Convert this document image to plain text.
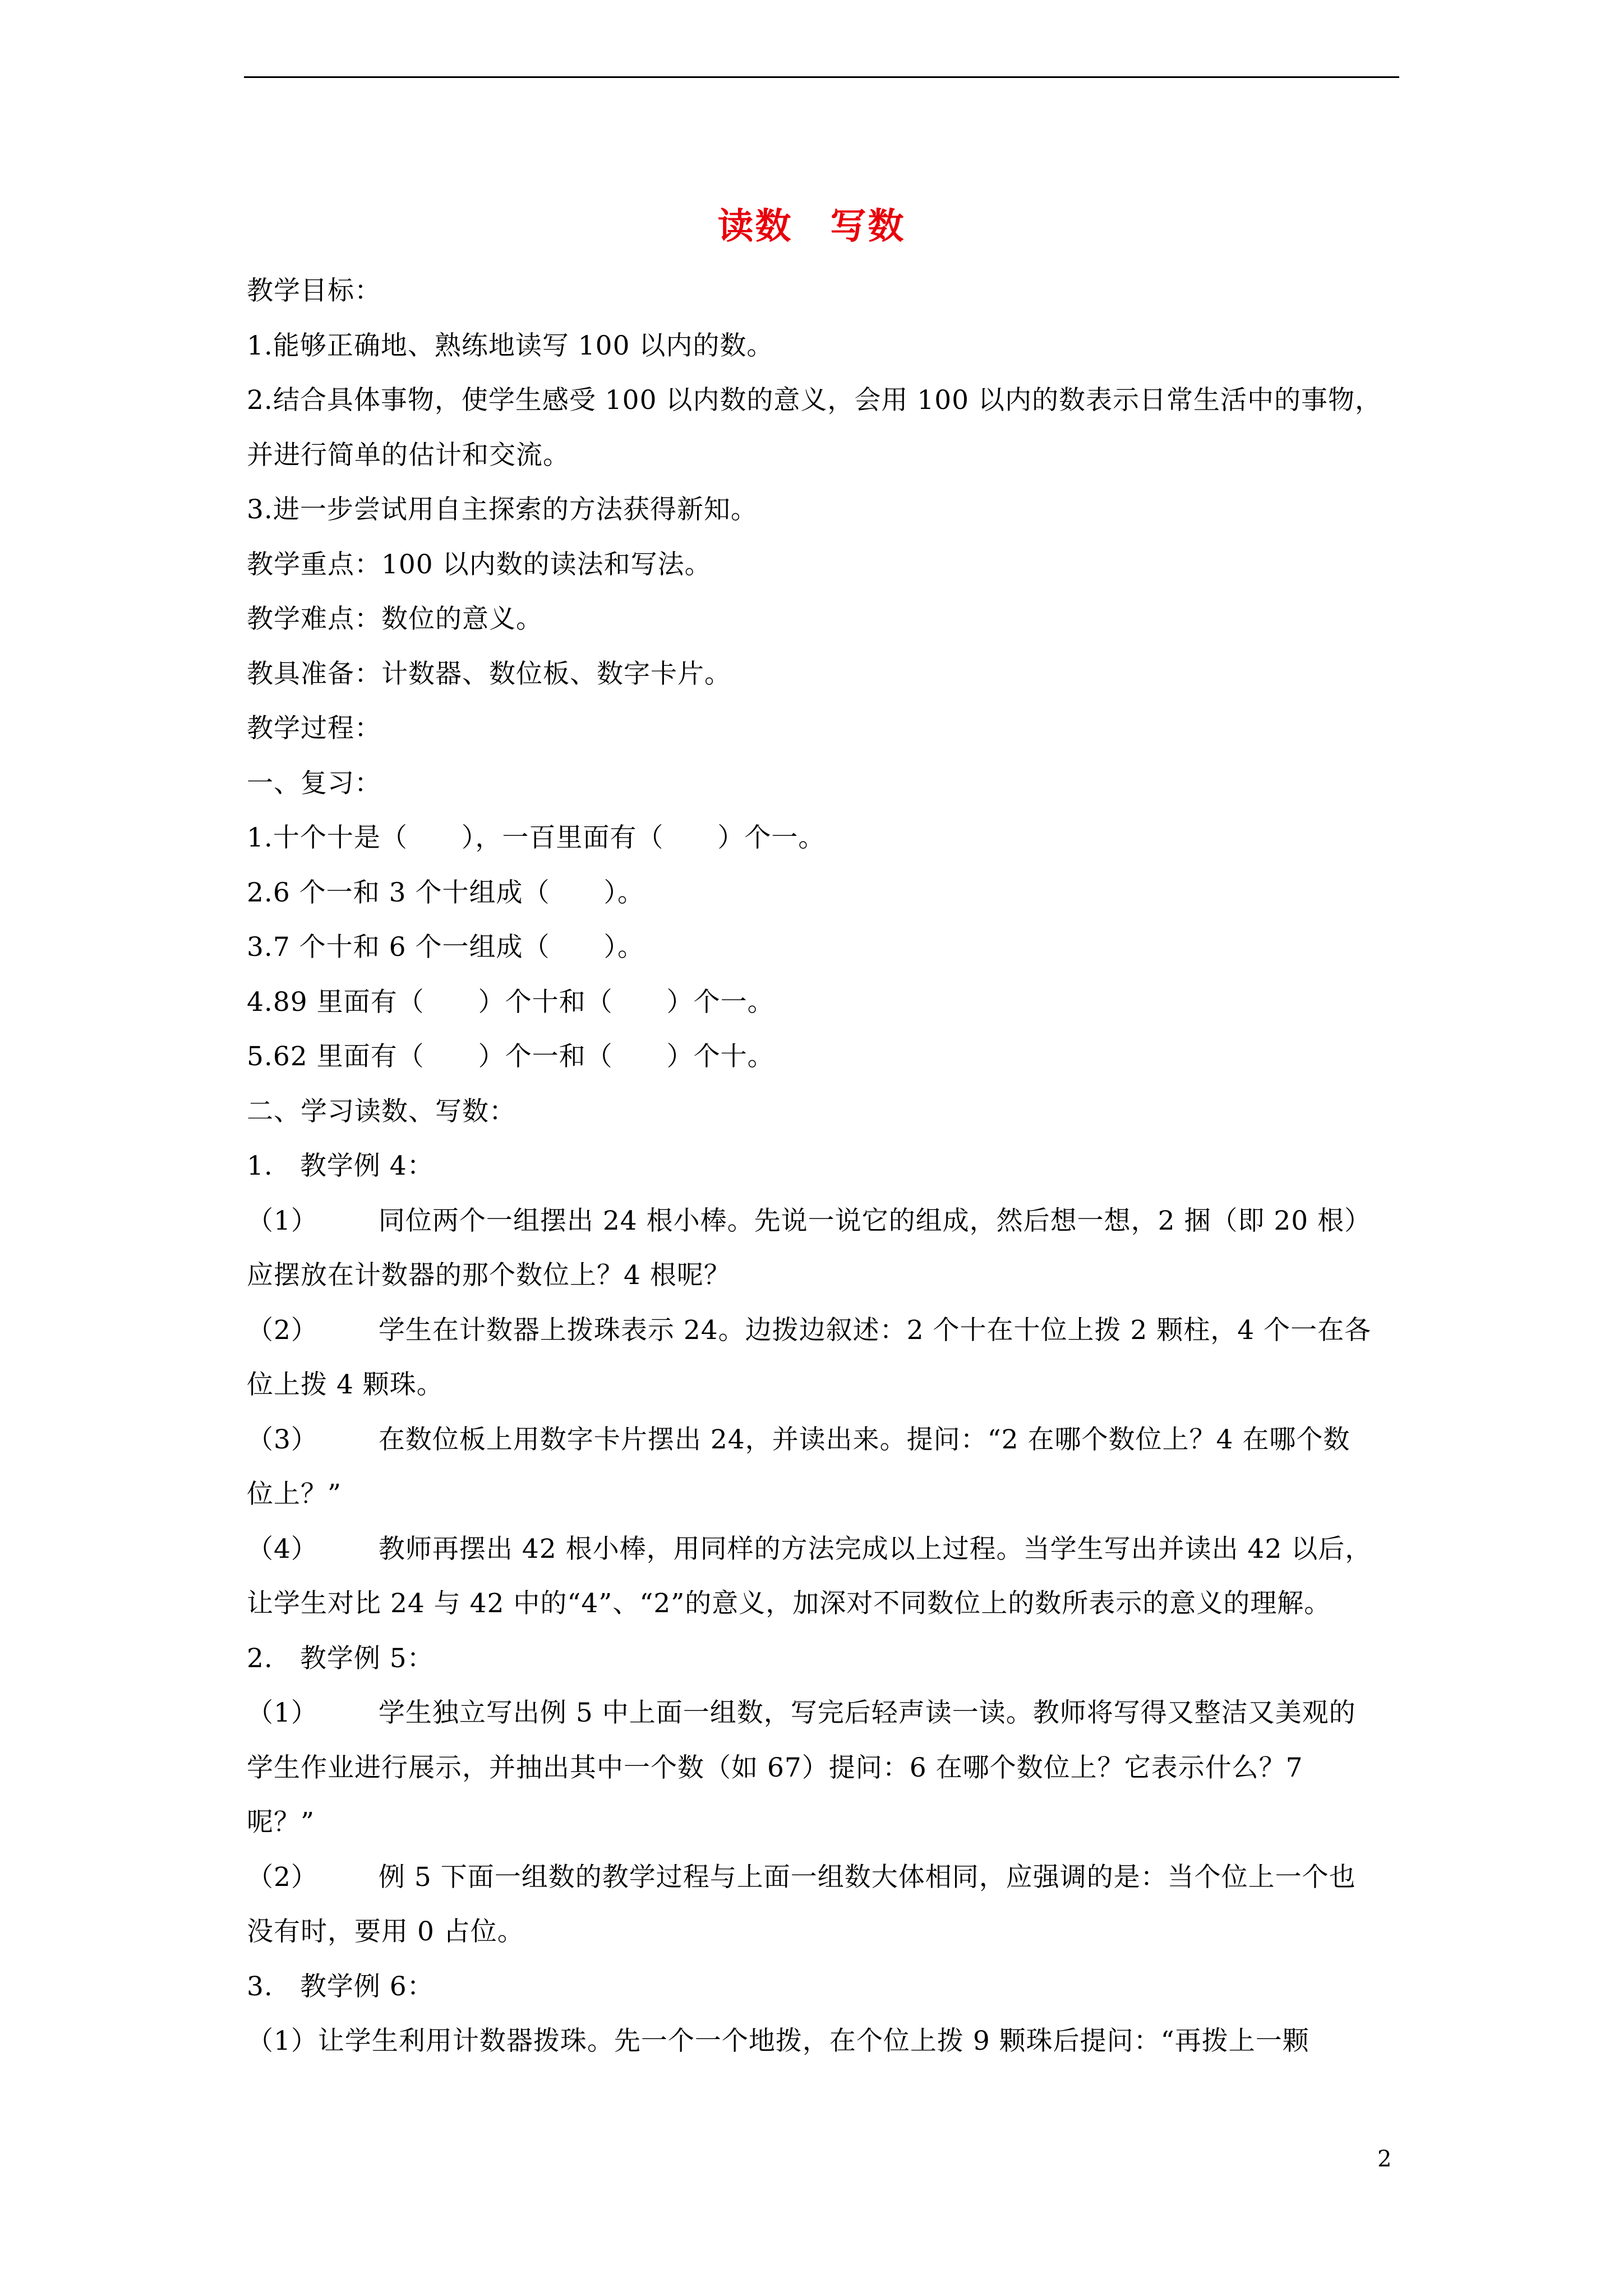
读数　写数
教学目标：
1.能够正确地、熟练地读写 100 以内的数。
2.结合具体事物，使学生感受 100 以内数的意义，会用 100 以内的数表示日常生活中的事物，
并进行简单的估计和交流。
3.进一步尝试用自主探索的方法获得新知。
教学重点：100 以内数的读法和写法。
教学难点：数位的意义。
教具准备：计数器、数位板、数字卡片。
教学过程：
一、复习：
1.十个十是（　　），一百里面有（　　）个一。
2.6 个一和 3 个十组成（　　）。
3.7 个十和 6 个一组成（　　）。
4.89 里面有（　　）个十和（　　）个一。
5.62 里面有（　　）个一和（　　）个十。
二、学习读数、写数：
1.　教学例 4：
（1） 同位两个一组摆出 24 根小棒。先说一说它的组成，然后想一想，2 捆（即 20 根）
应摆放在计数器的那个数位上？4 根呢？
（2） 学生在计数器上拨珠表示 24。边拨边叙述：2 个十在十位上拨 2 颗柱，4 个一在各
位上拨 4 颗珠。
（3） 在数位板上用数字卡片摆出 24，并读出来。提问：“2 在哪个数位上？4 在哪个数
位上？”
（4） 教师再摆出 42 根小棒，用同样的方法完成以上过程。当学生写出并读出 42 以后，
让学生对比 24 与 42 中的“4”、“2”的意义，加深对不同数位上的数所表示的意义的理解。
2.　教学例 5：
（1） 学生独立写出例 5 中上面一组数，写完后轻声读一读。教师将写得又整洁又美观的
学生作业进行展示，并抽出其中一个数（如 67）提问：6 在哪个数位上？它表示什么？7
呢？”
（2） 例 5 下面一组数的教学过程与上面一组数大体相同，应强调的是：当个位上一个也
没有时，要用 0 占位。
3.　教学例 6：
（1）让学生利用计数器拨珠。先一个一个地拨，在个位上拨 9 颗珠后提问：“再拨上一颗
2
